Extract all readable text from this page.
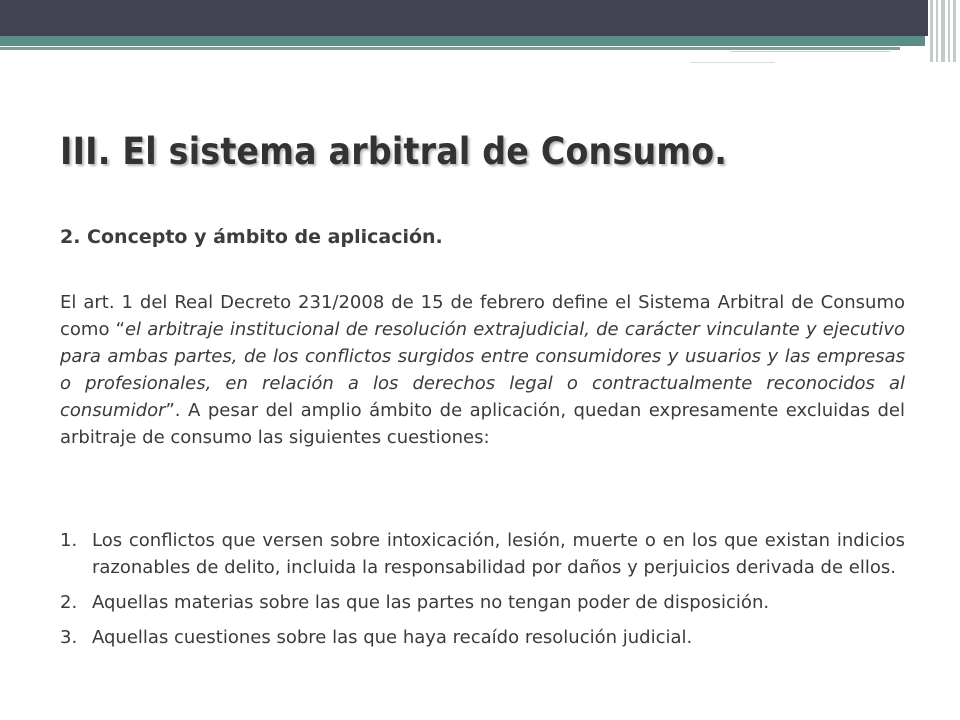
III. El sistema arbitral de Consumo.
2. Concepto y ámbito de aplicación.

El art. 1 del Real Decreto 231/2008 de 15 de febrero define el Sistema Arbitral de Consumo como “el arbitraje institucional de resolución extrajudicial, de carácter vinculante y ejecutivo para ambas partes, de los conflictos surgidos entre consumidores y usuarios y las empresas o profesionales, en relación a los derechos legal o contractualmente reconocidos al consumidor”. A pesar del amplio ámbito de aplicación, quedan expresamente excluidas del arbitraje de consumo las siguientes cuestiones:

1. Los conflictos que versen sobre intoxicación, lesión, muerte o en los que existan indicios razonables de delito, incluida la responsabilidad por daños y perjuicios derivada de ellos.
2. Aquellas materias sobre las que las partes no tengan poder de disposición.
3. Aquellas cuestiones sobre las que haya recaído resolución judicial.
